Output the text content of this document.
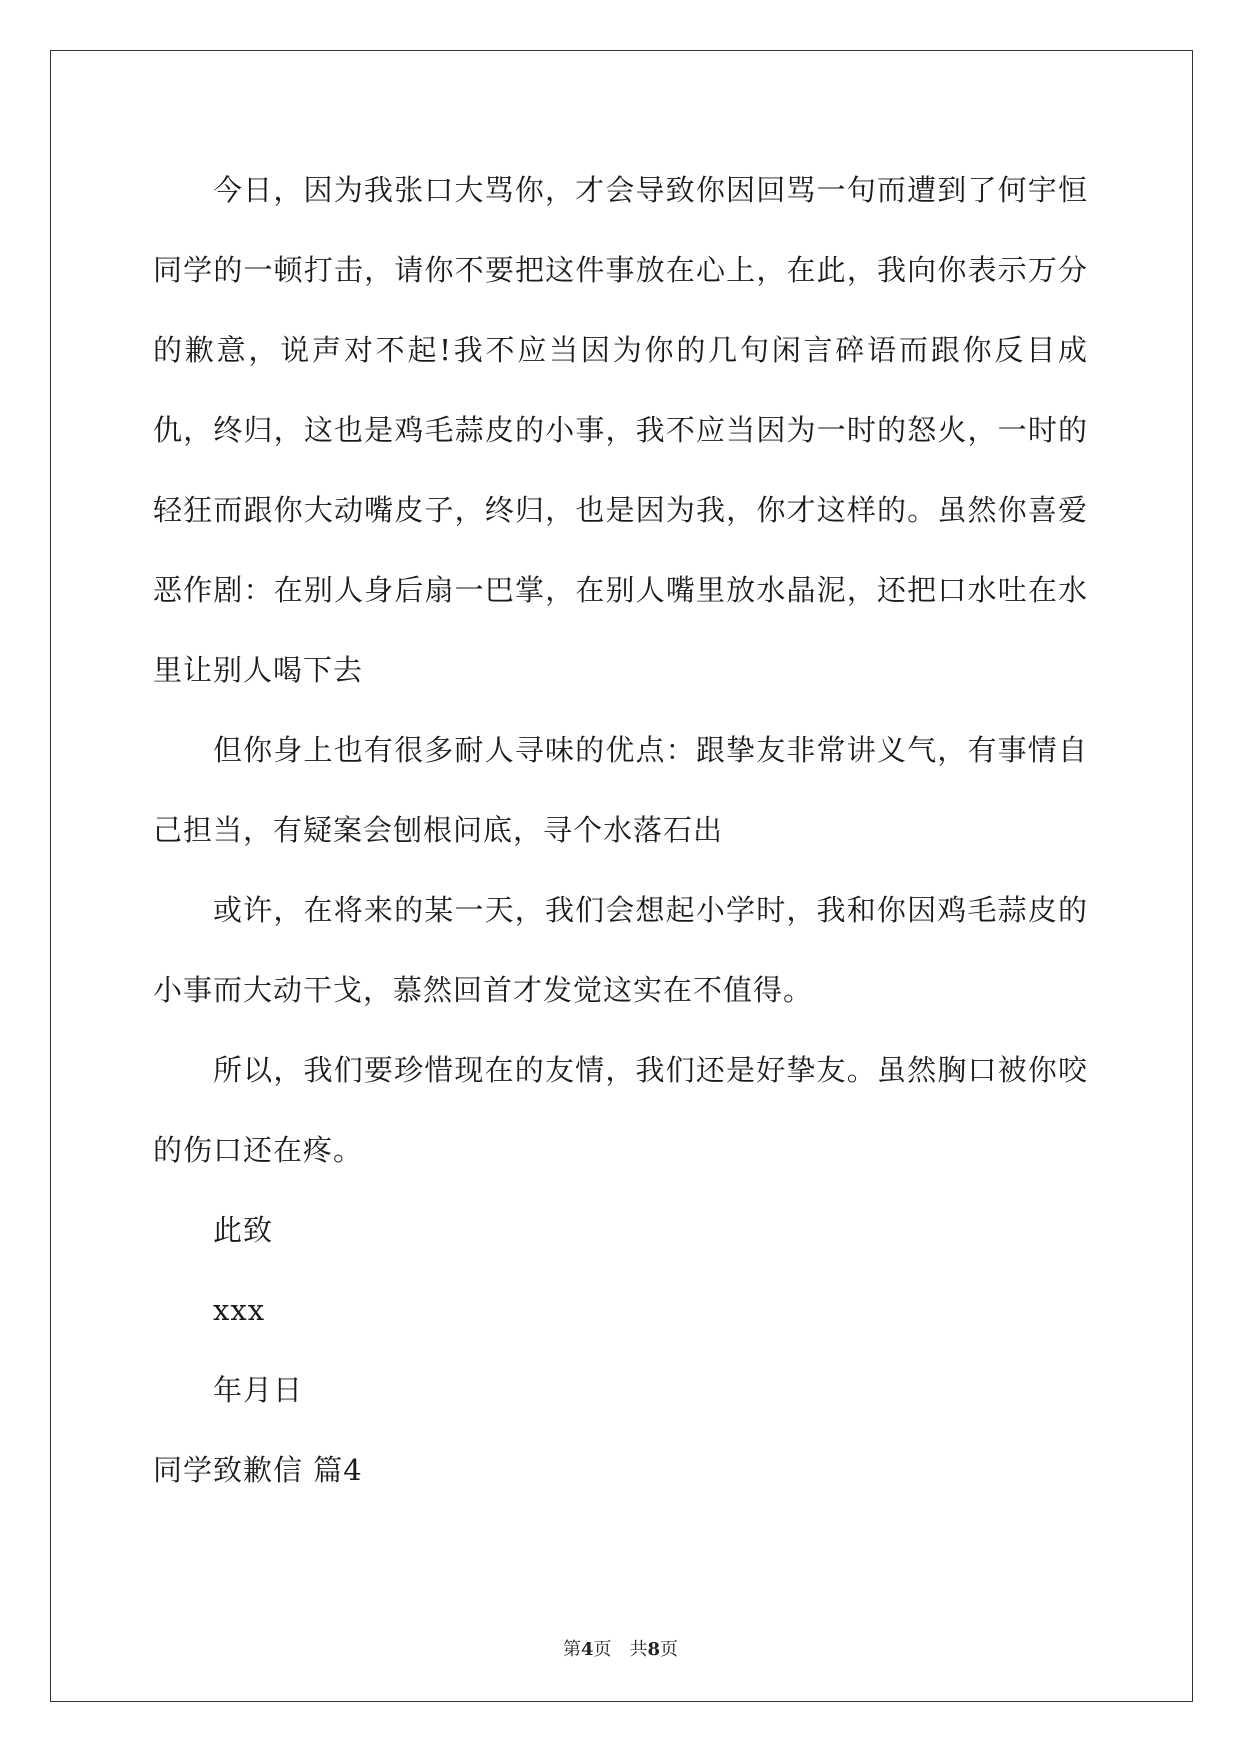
今日，因为我张口大骂你，才会导致你因回骂一句而遭到了何宇恒同学的一顿打击，请你不要把这件事放在心上，在此，我向你表示万分的歉意，说声对不起!我不应当因为你的几句闲言碎语而跟你反目成仇，终归，这也是鸡毛蒜皮的小事，我不应当因为一时的怒火，一时的轻狂而跟你大动嘴皮子，终归，也是因为我，你才这样的。虽然你喜爱恶作剧：在别人身后扇一巴掌，在别人嘴里放水晶泥，还把口水吐在水里让别人喝下去

但你身上也有很多耐人寻味的优点：跟挚友非常讲义气，有事情自己担当，有疑案会刨根问底，寻个水落石出

或许，在将来的某一天，我们会想起小学时，我和你因鸡毛蒜皮的小事而大动干戈，慕然回首才发觉这实在不值得。

所以，我们要珍惜现在的友情，我们还是好挚友。虽然胸口被你咬的伤口还在疼。

此致

xxx

年月日

同学致歉信 篇4

第4页 共8页
